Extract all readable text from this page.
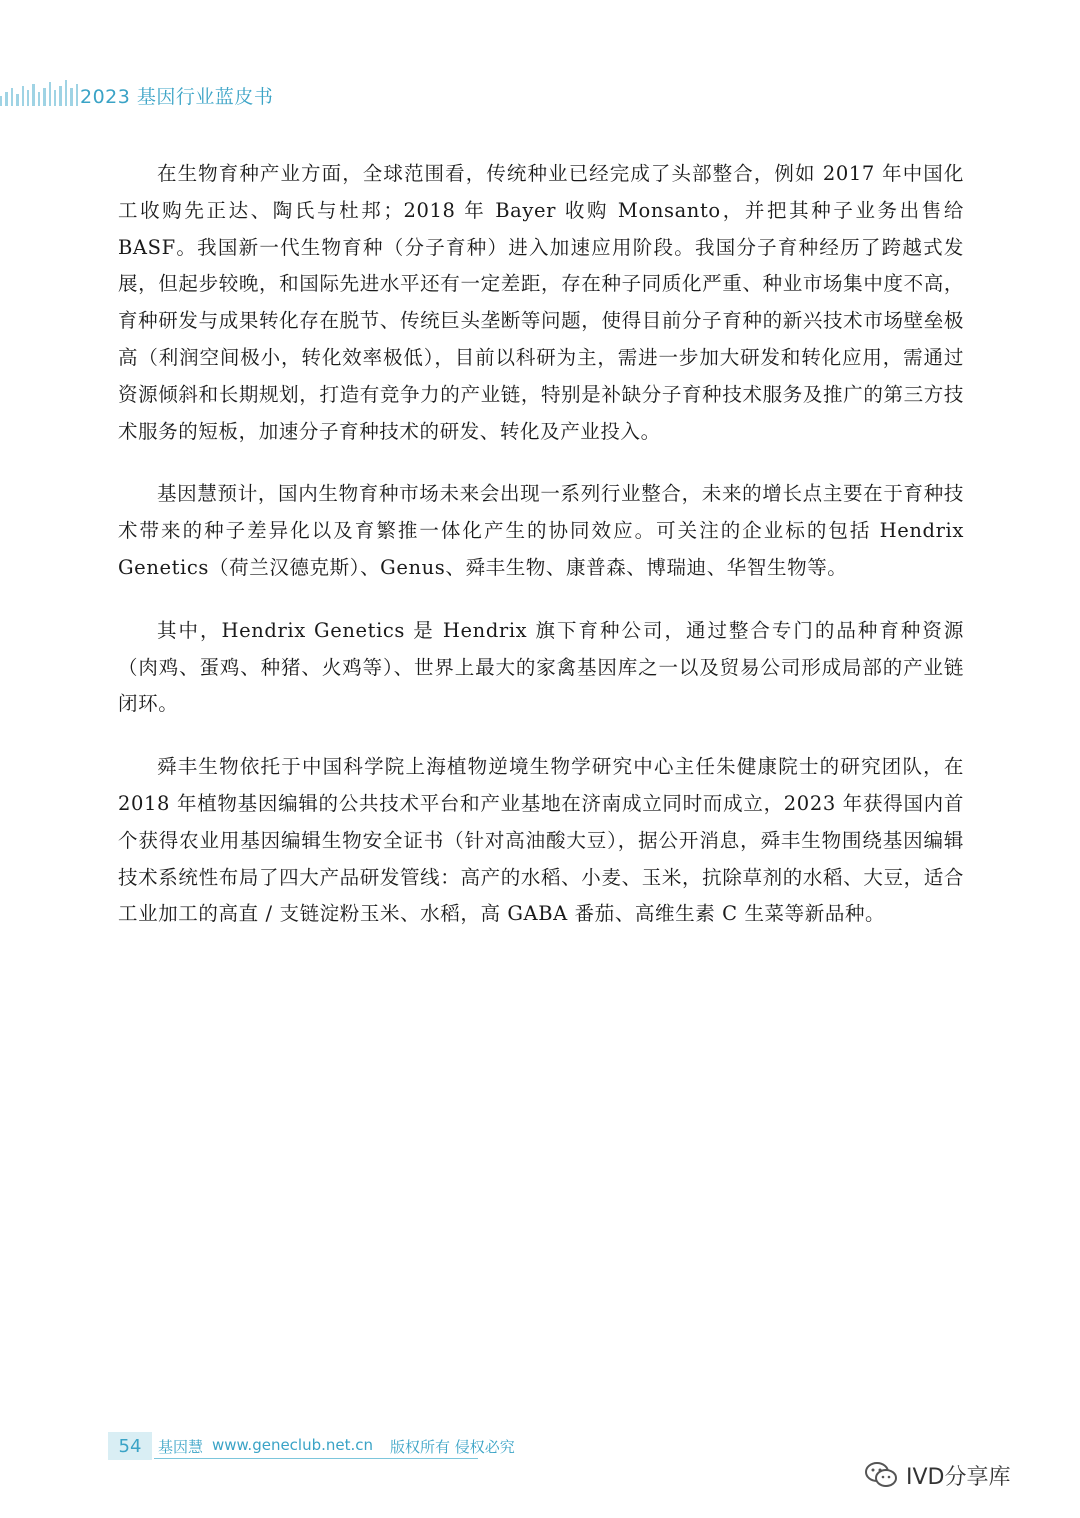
2023 基因行业蓝皮书

在生物育种产业方面，全球范围看，传统种业已经完成了头部整合，例如 2017 年中国化工收购先正达、陶氏与杜邦；2018 年 Bayer 收购 Monsanto，并把其种子业务出售给 BASF。我国新一代生物育种（分子育种）进入加速应用阶段。我国分子育种经历了跨越式发展，但起步较晚，和国际先进水平还有一定差距，存在种子同质化严重、种业市场集中度不高，育种研发与成果转化存在脱节、传统巨头垄断等问题，使得目前分子育种的新兴技术市场壁垒极高（利润空间极小，转化效率极低），目前以科研为主，需进一步加大研发和转化应用，需通过资源倾斜和长期规划，打造有竞争力的产业链，特别是补缺分子育种技术服务及推广的第三方技术服务的短板，加速分子育种技术的研发、转化及产业投入。

基因慧预计，国内生物育种市场未来会出现一系列行业整合，未来的增长点主要在于育种技术带来的种子差异化以及育繁推一体化产生的协同效应。可关注的企业标的包括 Hendrix Genetics（荷兰汉德克斯）、Genus、舜丰生物、康普森、博瑞迪、华智生物等。

其中，Hendrix Genetics 是 Hendrix 旗下育种公司，通过整合专门的品种育种资源（肉鸡、蛋鸡、种猪、火鸡等）、世界上最大的家禽基因库之一以及贸易公司形成局部的产业链闭环。

舜丰生物依托于中国科学院上海植物逆境生物学研究中心主任朱健康院士的研究团队，在 2018 年植物基因编辑的公共技术平台和产业基地在济南成立同时而成立，2023 年获得国内首个获得农业用基因编辑生物安全证书（针对高油酸大豆），据公开消息，舜丰生物围绕基因编辑技术系统性布局了四大产品研发管线：高产的水稻、小麦、玉米，抗除草剂的水稻、大豆，适合工业加工的高直 / 支链淀粉玉米、水稻，高 GABA 番茄、高维生素 C 生菜等新品种。

54	基因慧 www.geneclub.net.cn 版权所有 侵权必究
IVD分享库
